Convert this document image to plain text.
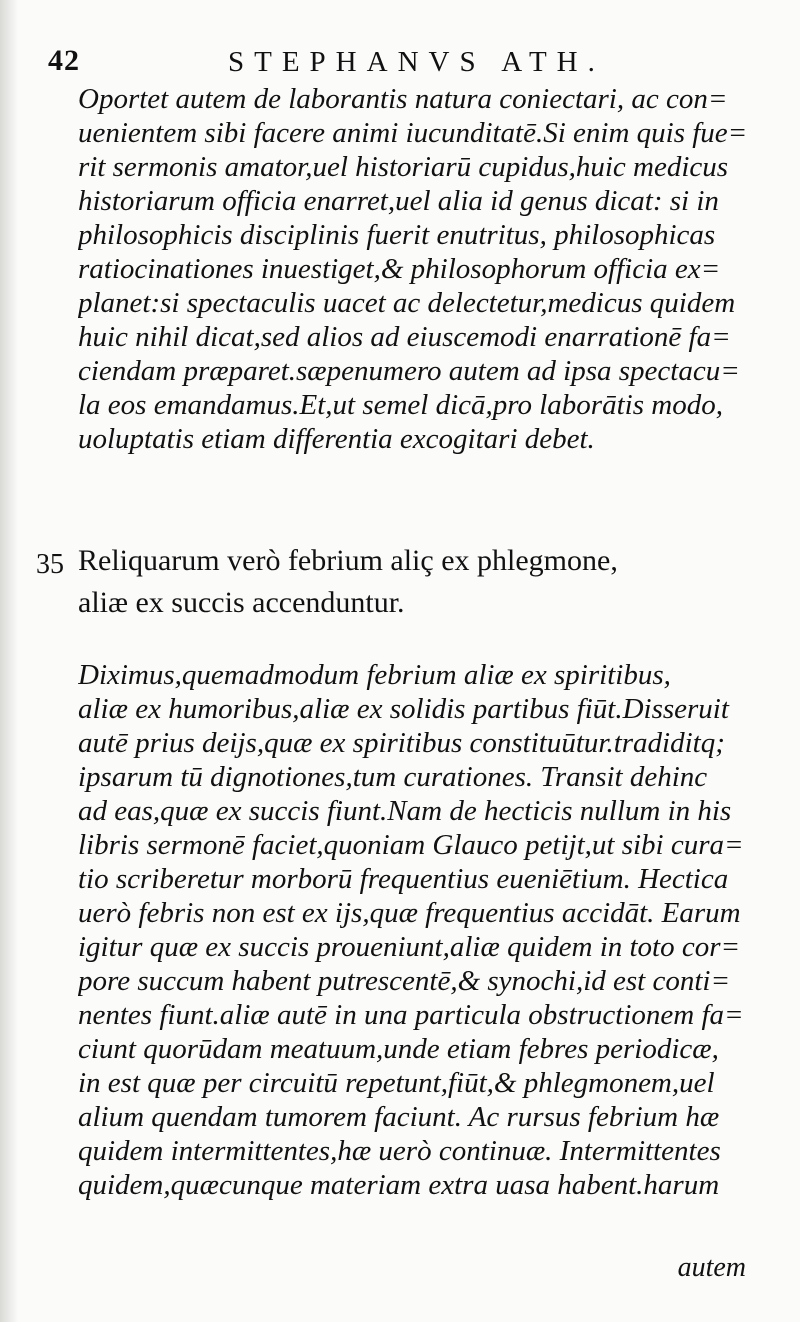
42	STEPHANVS ATH.
Oportet autem de laborantis natura coniectari, ac con=
uenientem sibi facere animi iucunditatē.Si enim quis fue=
rit sermonis amator,uel historiarū cupidus,huic medicus
historiarum officia enarret,uel alia id genus dicat: si in
philosophicis disciplinis fuerit enutritus, philosophicas
ratiocinationes inuestiget,& philosophorum officia ex=
planet:si spectaculis uacet ac delectetur,medicus quidem
huic nihil dicat,sed alios ad eiuscemodi enarrationē fa=
ciendam præparet.sæpenumero autem ad ipsa spectacu=
la eos emandamus.Et,ut semel dicā,pro laborātis modo,
uoluptatis etiam differentia excogitari debet.
35 Reliquarum verò febrium aliç ex phlegmone,
aliæ ex succis accenduntur.
Diximus,quemadmodum febrium aliæ ex spiritibus,
aliæ ex humoribus,aliæ ex solidis partibus fiūt.Disseruit
autē prius deijs,quæ ex spiritibus constituūtur.tradiditq;
ipsarum tū dignotiones,tum curationes. Transit dehinc
ad eas,quæ ex succis fiunt.Nam de hecticis nullum in his
libris sermonē faciet,quoniam Glauco petijt,ut sibi cura=
tio scriberetur morborū frequentius eueniētium. Hectica
uerò febris non est ex ijs,quæ frequentius accidāt. Earum
igitur quæ ex succis proueniunt,aliæ quidem in toto cor=
pore succum habent putrescentē,& synochi,id est conti=
nentes fiunt.aliæ autē in una particula obstructionem fa=
ciunt quorūdam meatuum,unde etiam febres periodicæ,
in est quæ per circuitū repetunt,fiūt,& phlegmonem,uel
alium quendam tumorem faciunt. Ac rursus febrium hæ
quidem intermittentes,hæ uerò continuæ. Intermittentes
quidem,quæcunque materiam extra uasa habent.harum
autem
